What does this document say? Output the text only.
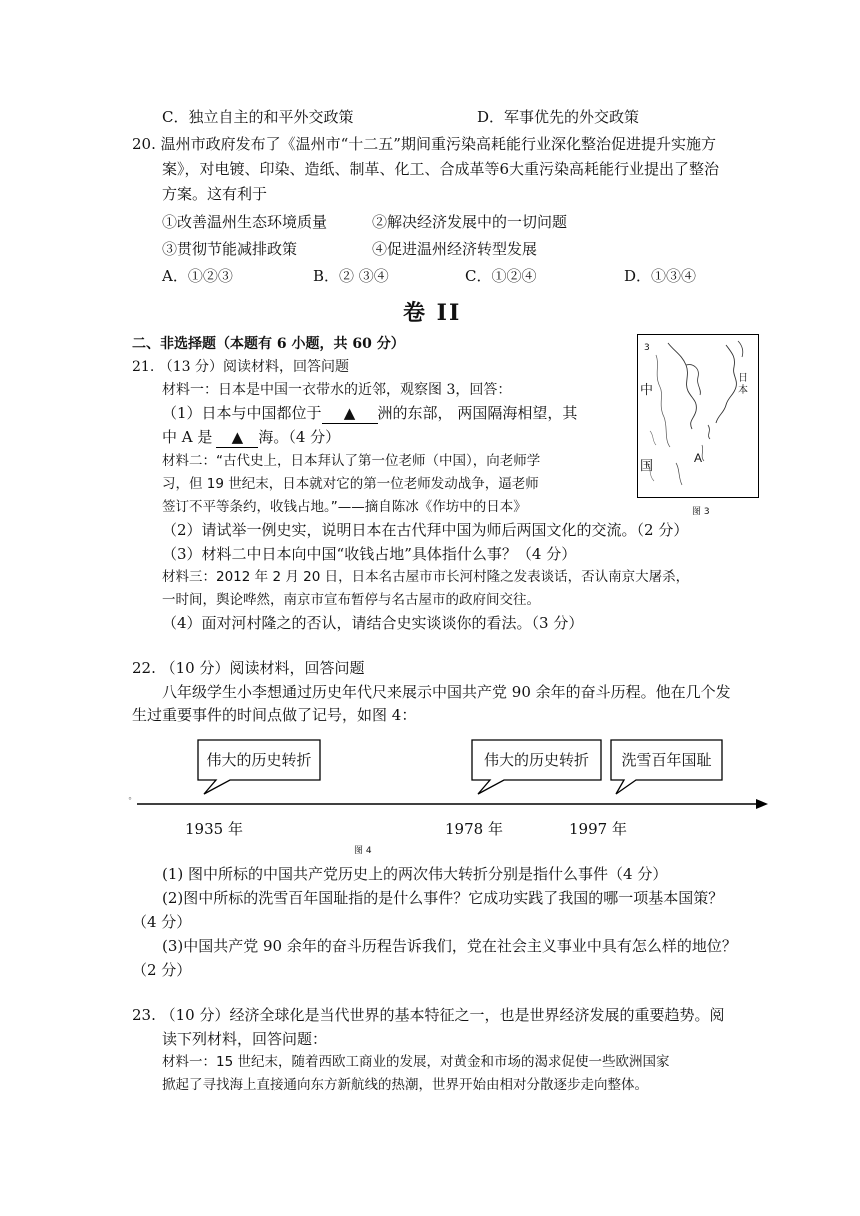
C．独立自主的和平外交政策	D．军事优先的外交政策
20. 温州市政府发布了《温州市“十二五”期间重污染高耗能行业深化整治促进提升实施方
案》，对电镀、印染、造纸、制革、化工、合成革等6大重污染高耗能行业提出了整治
方案。这有利于
①改善温州生态环境质量	②解决经济发展中的一切问题
③贯彻节能减排政策	④促进温州经济转型发展
A．①②③	B．② ③④	C．①②④	D．①③④
卷 II
二、非选择题（本题有 6 小题，共 60 分）
21. （13 分）阅读材料，回答问题
材料一：日本是中国一衣带水的近邻，观察图 3，回答：
（1）日本与中国都位于 ▲ 洲的东部， 两国隔海相望，其
中 A 是 ▲ 海。（4 分）
材料二：“古代史上，日本拜认了第一位老师（中国），向老师学
习，但 19 世纪末，日本就对它的第一位老师发动战争，逼老师
签订不平等条约，收钱占地。”——摘自陈冰《作坊中的日本》
（2）请试举一例史实，说明日本在古代拜中国为师后两国文化的交流。（2 分）
（3）材料二中日本向中国“收钱占地”具体指什么事？（4 分）
材料三：2012 年 2 月 20 日，日本名古屋市市长河村隆之发表谈话，否认南京大屠杀，
一时间，舆论哗然，南京市宣布暂停与名古屋市的政府间交往。
（4）面对河村隆之的否认，请结合史实谈谈你的看法。（3 分）
3
中
国
日
本
A
图 3
22. （10 分）阅读材料，回答问题
八年级学生小李想通过历史年代尺来展示中国共产党 90 余年的奋斗历程。他在几个发
生过重要事件的时间点做了记号，如图 4：
伟大的历史转折	伟大的历史转折	洗雪百年国耻
°
1935 年	1978 年	1997 年
图 4
(1) 图中所标的中国共产党历史上的两次伟大转折分别是指什么事件（4 分）
(2)图中所标的洗雪百年国耻指的是什么事件？它成功实践了我国的哪一项基本国策？
（4 分）
(3)中国共产党 90 余年的奋斗历程告诉我们，党在社会主义事业中具有怎么样的地位？
（2 分）
23. （10 分）经济全球化是当代世界的基本特征之一，也是世界经济发展的重要趋势。阅
读下列材料，回答问题：
材料一：15 世纪末，随着西欧工商业的发展，对黄金和市场的渴求促使一些欧洲国家
掀起了寻找海上直接通向东方新航线的热潮，世界开始由相对分散逐步走向整体。
